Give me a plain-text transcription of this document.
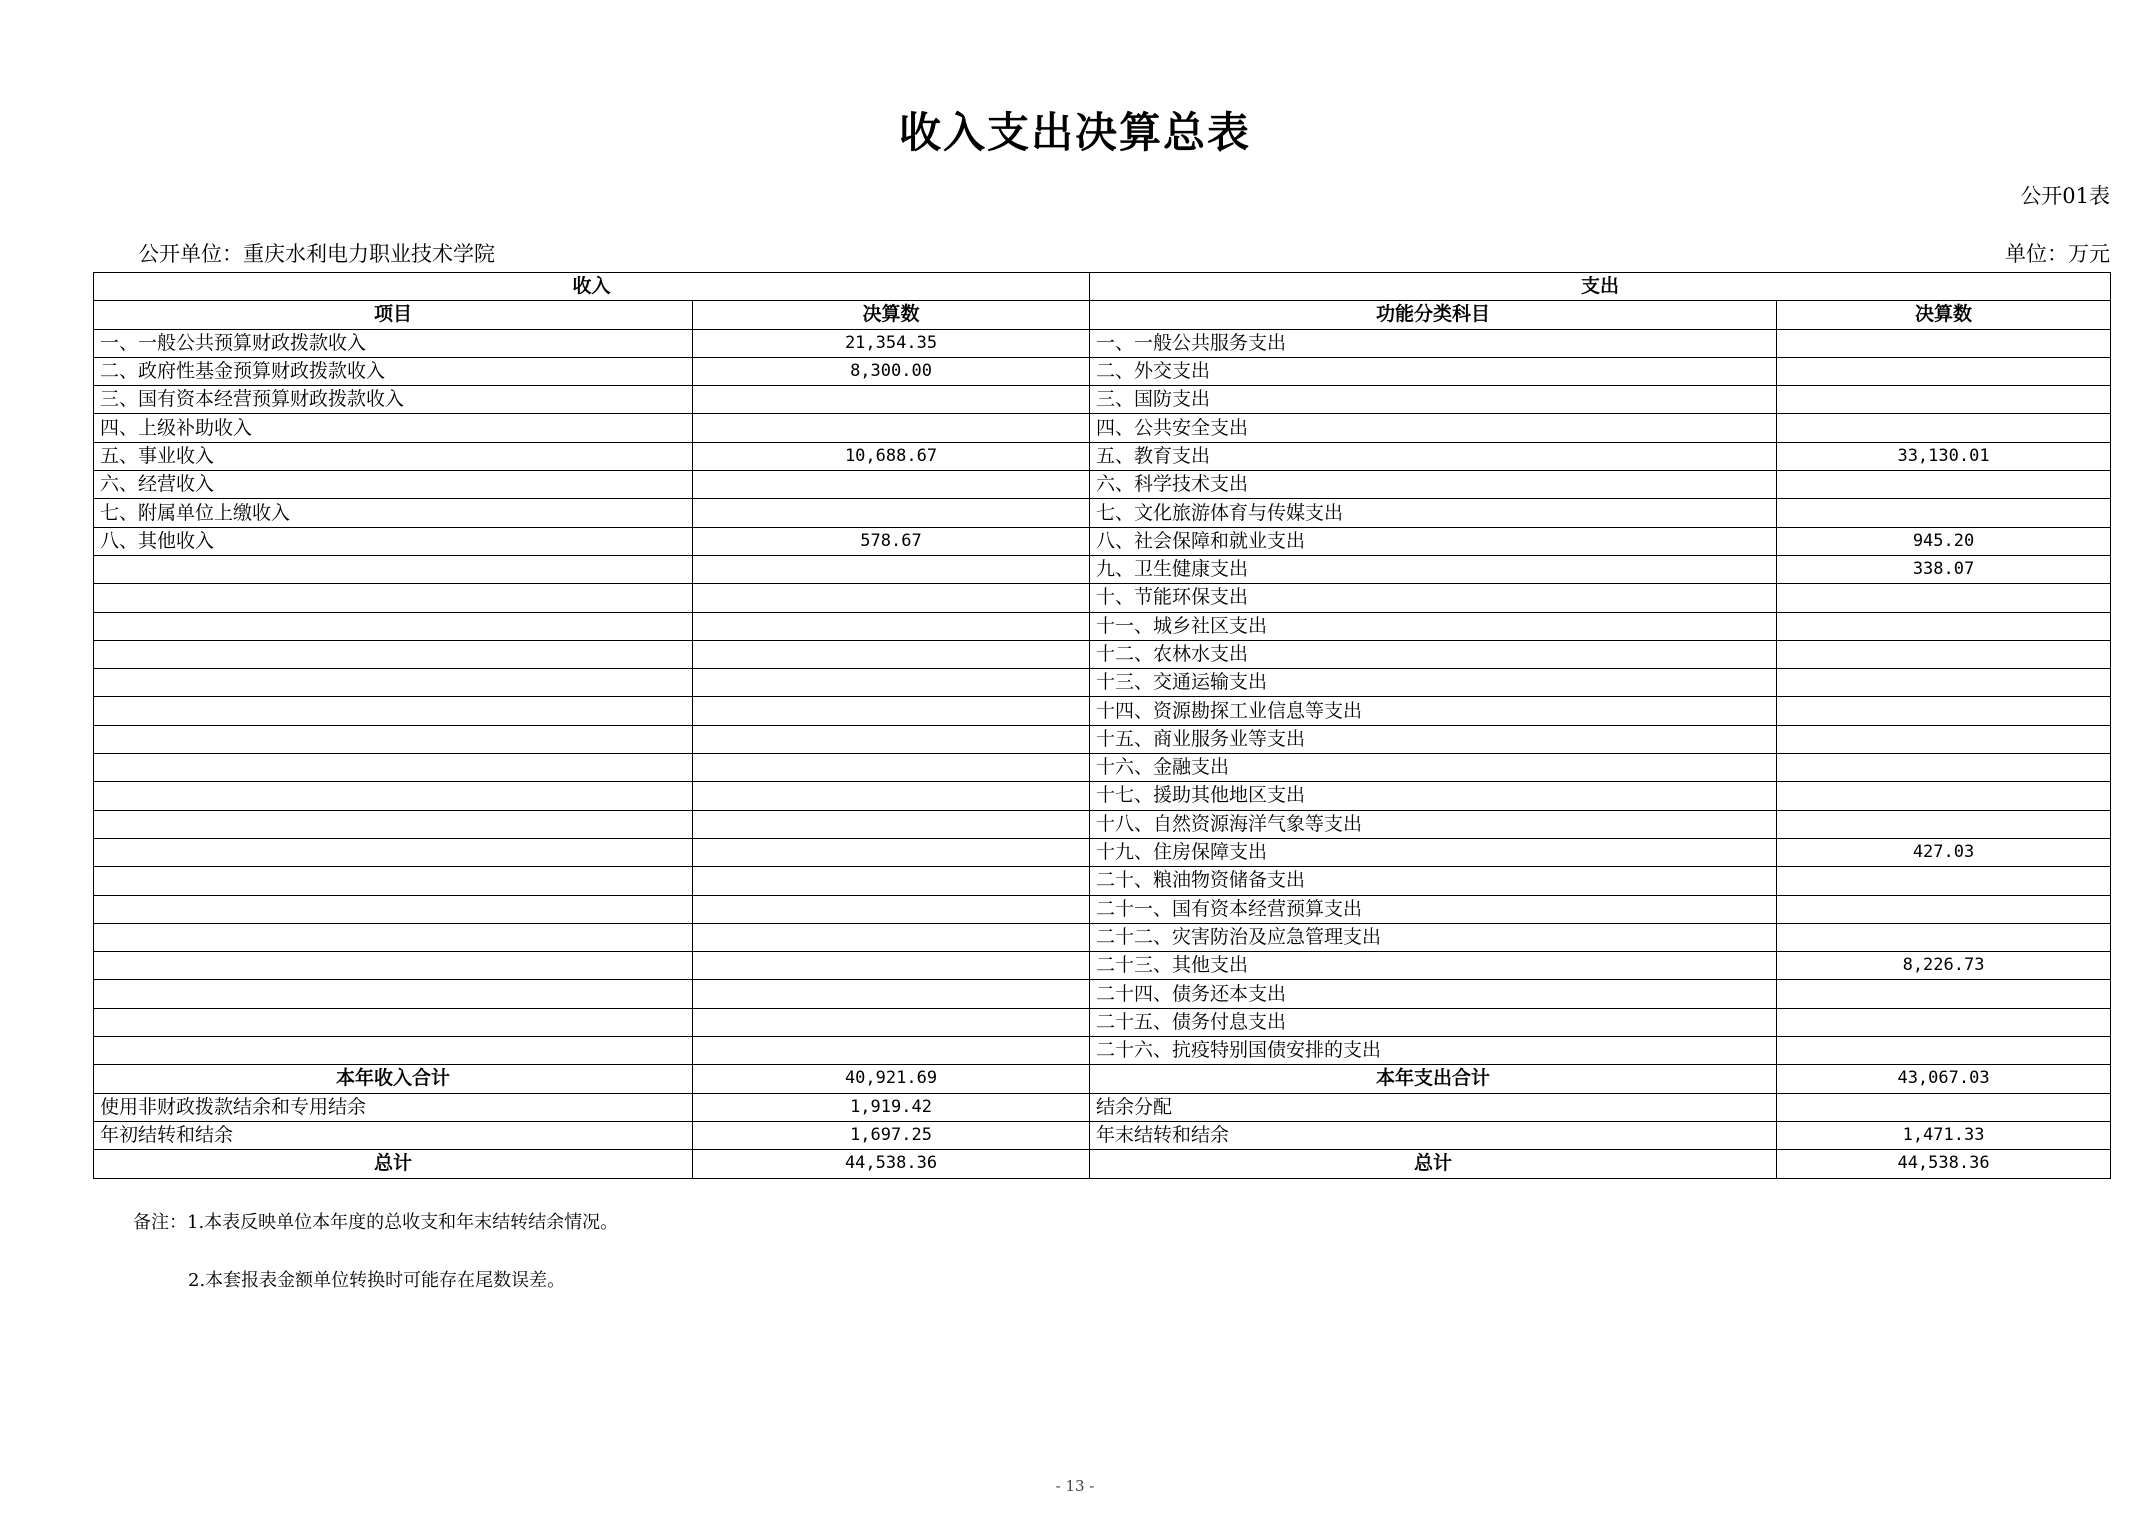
收入支出决算总表
公开01表
公开单位：重庆水利电力职业技术学院	单位：万元
收入		支出	
项目	决算数	功能分类科目	决算数
一、一般公共预算财政拨款收入	21,354.35	一、一般公共服务支出	
二、政府性基金预算财政拨款收入	8,300.00	二、外交支出	
三、国有资本经营预算财政拨款收入		三、国防支出	
四、上级补助收入		四、公共安全支出	
五、事业收入	10,688.67	五、教育支出	33,130.01
六、经营收入		六、科学技术支出	
七、附属单位上缴收入		七、文化旅游体育与传媒支出	
八、其他收入	578.67	八、社会保障和就业支出	945.20
		九、卫生健康支出	338.07
		十、节能环保支出	
		十一、城乡社区支出	
		十二、农林水支出	
		十三、交通运输支出	
		十四、资源勘探工业信息等支出	
		十五、商业服务业等支出	
		十六、金融支出	
		十七、援助其他地区支出	
		十八、自然资源海洋气象等支出	
		十九、住房保障支出	427.03
		二十、粮油物资储备支出	
		二十一、国有资本经营预算支出	
		二十二、灾害防治及应急管理支出	
		二十三、其他支出	8,226.73
		二十四、债务还本支出	
		二十五、债务付息支出	
		二十六、抗疫特别国债安排的支出	
本年收入合计	40,921.69	本年支出合计	43,067.03
使用非财政拨款结余和专用结余	1,919.42	结余分配	
年初结转和结余	1,697.25	年末结转和结余	1,471.33
总计	44,538.36	总计	44,538.36
备注：1.本表反映单位本年度的总收支和年末结转结余情况。
2.本套报表金额单位转换时可能存在尾数误差。
- 13 -
